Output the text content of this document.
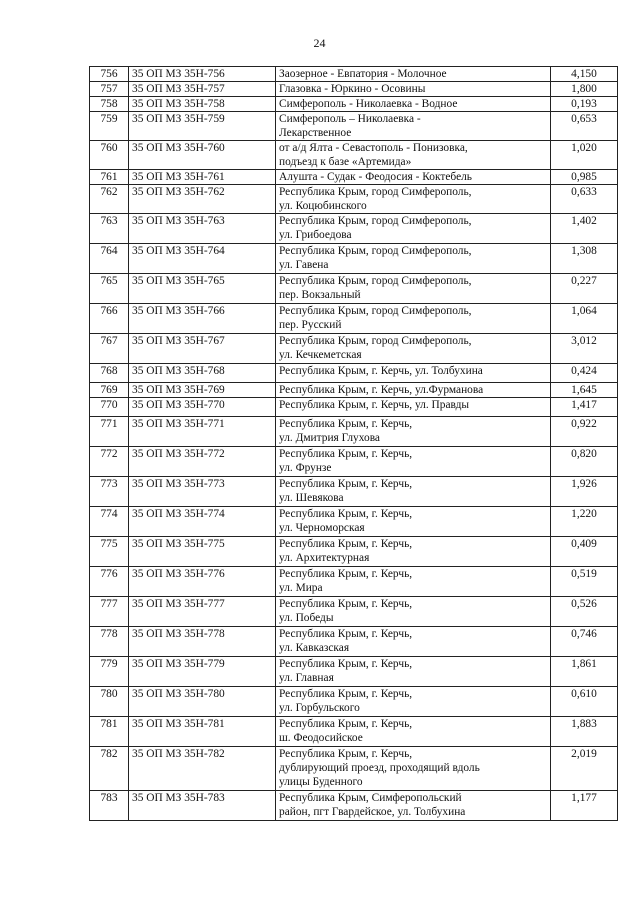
24
756	35 ОП МЗ 35Н-756	Заозерное - Евпатория - Молочное	4,150
757	35 ОП МЗ 35Н-757	Глазовка - Юркино - Осовины	1,800
758	35 ОП МЗ 35Н-758	Симферополь - Николаевка - Водное	0,193
759	35 ОП МЗ 35Н-759	Симферополь – Николаевка -
Лекарственное	0,653
760	35 ОП МЗ 35Н-760	от а/д Ялта - Севастополь - Понизовка,
подъезд к базе «Артемида»	1,020
761	35 ОП МЗ 35Н-761	Алушта - Судак - Феодосия - Коктебель	0,985
762	35 ОП МЗ 35Н-762	Республика Крым, город Симферополь,
ул. Коцюбинского	0,633
763	35 ОП МЗ 35Н-763	Республика Крым, город Симферополь,
ул. Грибоедова	1,402
764	35 ОП МЗ 35Н-764	Республика Крым, город Симферополь,
ул. Гавена	1,308
765	35 ОП МЗ 35Н-765	Республика Крым, город Симферополь,
пер. Вокзальный	0,227
766	35 ОП МЗ 35Н-766	Республика Крым, город Симферополь,
пер. Русский	1,064
767	35 ОП МЗ 35Н-767	Республика Крым, город Симферополь,
ул. Кечкеметская	3,012
768	35 ОП МЗ 35Н-768	Республика Крым, г. Керчь, ул. Толбухина	0,424
769	35 ОП МЗ 35Н-769	Республика Крым, г. Керчь, ул.Фурманова	1,645
770	35 ОП МЗ 35Н-770	Республика Крым, г. Керчь, ул. Правды	1,417
771	35 ОП МЗ 35Н-771	Республика Крым, г. Керчь,
ул. Дмитрия Глухова	0,922
772	35 ОП МЗ 35Н-772	Республика Крым, г. Керчь,
ул. Фрунзе	0,820
773	35 ОП МЗ 35Н-773	Республика Крым, г. Керчь,
ул. Шевякова	1,926
774	35 ОП МЗ 35Н-774	Республика Крым, г. Керчь,
ул. Черноморская	1,220
775	35 ОП МЗ 35Н-775	Республика Крым, г. Керчь,
ул. Архитектурная	0,409
776	35 ОП МЗ 35Н-776	Республика Крым, г. Керчь,
ул. Мира	0,519
777	35 ОП МЗ 35Н-777	Республика Крым, г. Керчь,
ул. Победы	0,526
778	35 ОП МЗ 35Н-778	Республика Крым, г. Керчь,
ул. Кавказская	0,746
779	35 ОП МЗ 35Н-779	Республика Крым, г. Керчь,
ул. Главная	1,861
780	35 ОП МЗ 35Н-780	Республика Крым, г. Керчь,
ул. Горбульского	0,610
781	35 ОП МЗ 35Н-781	Республика Крым, г. Керчь,
ш. Феодосийское	1,883
782	35 ОП МЗ 35Н-782	Республика Крым, г. Керчь,
дублирующий проезд, проходящий вдоль
улицы Буденного	2,019
783	35 ОП МЗ 35Н-783	Республика Крым, Симферопольский
район, пгт Гвардейское, ул. Толбухина	1,177
